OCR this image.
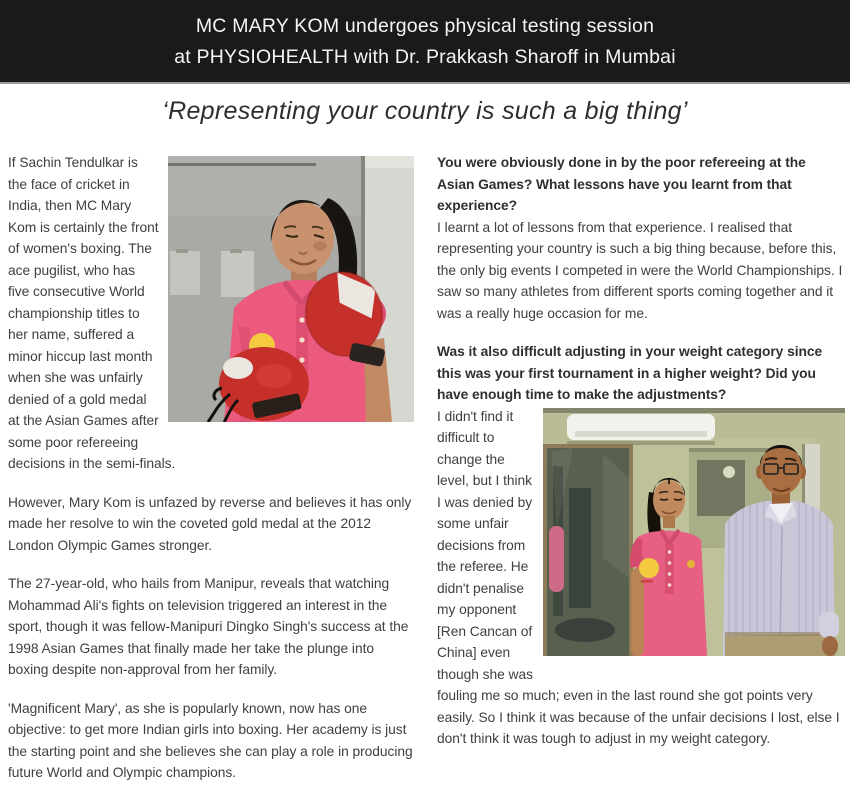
MC MARY KOM undergoes physical testing session
at PHYSIOHEALTH with Dr. Prakkash Sharoff in Mumbai
‘Representing your country is such a big thing’

If Sachin Tendulkar is the face of cricket in India, then MC Mary Kom is certainly the front of women's boxing. The ace pugilist, who has five consecutive World championship titles to her name, suffered a minor hiccup last month when she was unfairly denied of a gold medal at the Asian Games after some poor refereeing decisions in the semi-finals.

However, Mary Kom is unfazed by reverse and believes it has only made her resolve to win the coveted gold medal at the 2012 London Olympic Games stronger.

The 27-year-old, who hails from Manipur, reveals that watching Mohammad Ali's fights on television triggered an interest in the sport, though it was fellow-Manipuri Dingko Singh's success at the 1998 Asian Games that finally made her take the plunge into boxing despite non-approval from her family.

'Magnificent Mary', as she is popularly known, now has one objective: to get more Indian girls into boxing. Her academy is just the starting point and she believes she can play a role in producing future World and Olympic champions.

You were obviously done in by the poor refereeing at the Asian Games? What lessons have you learnt from that experience?

I learnt a lot of lessons from that experience. I realised that representing your country is such a big thing because, before this, the only big events I competed in were the World Championships. I saw so many athletes from different sports coming together and it was a really huge occasion for me.

Was it also difficult adjusting in your weight category since this was your first tournament in a higher weight? Did you have enough time to make the adjustments?

I didn't find it difficult to change the level, but I think I was denied by some unfair decisions from the referee. He didn't penalise my opponent [Ren Cancan of China] even though she was fouling me so much; even in the last round she got points very easily. So I think it was because of the unfair decisions I lost, else I don't think it was tough to adjust in my weight category.
